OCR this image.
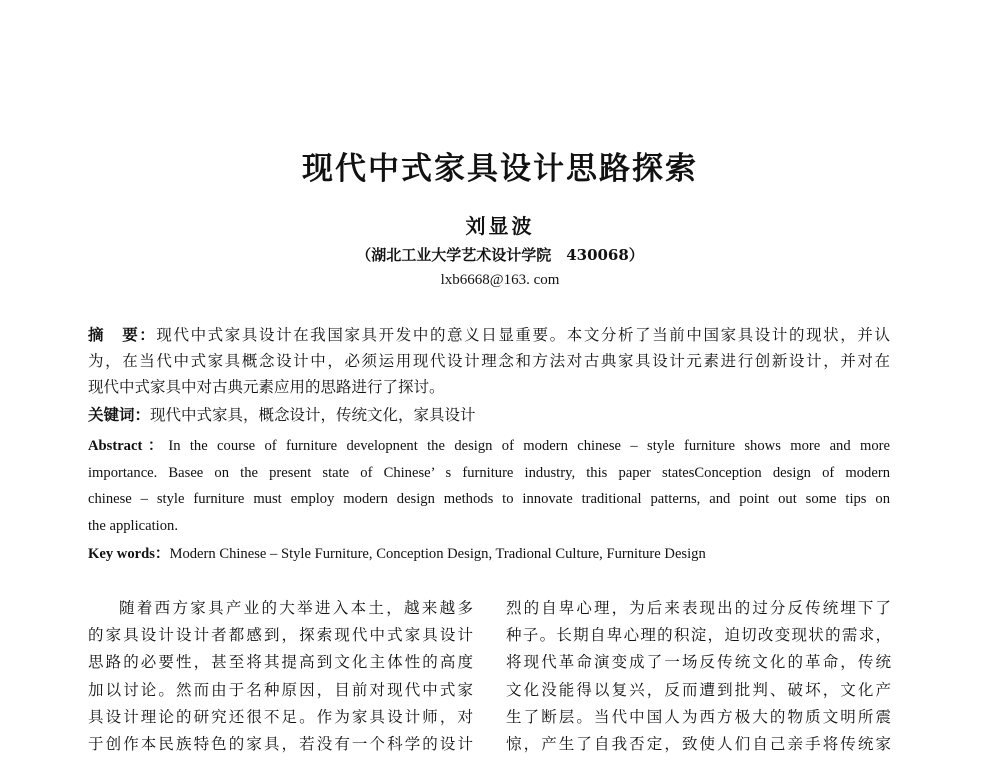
现代中式家具设计思路探索
刘显波
（湖北工业大学艺术设计学院　430068）
lxb6668@163. com
摘　要：现代中式家具设计在我国家具开发中的意义日显重要。本文分析了当前中国家具设计的现状，并认
为，在当代中式家具概念设计中，必须运用现代设计理念和方法对古典家具设计元素进行创新设计，并对在
现代中式家具中对古典元素应用的思路进行了探讨。
关键词：现代中式家具，概念设计，传统文化，家具设计
Abstract：In the course of furniture developnent the design of modern chinese – style furniture shows more and more
importance. Basee on the present state of Chinese’ s furniture industry, this paper statesConception design of modern
chinese – style furniture must employ modern design methods to innovate traditional patterns, and point out some tips on
the application.
Key words：Modern Chinese – Style Furniture, Conception Design, Tradional Culture, Furniture Design
随着西方家具产业的大举进入本土，越来越多
的家具设计设计者都感到，探索现代中式家具设计
思路的必要性，甚至将其提高到文化主体性的高度
加以讨论。然而由于名种原因，目前对现代中式家
具设计理论的研究还很不足。作为家具设计师，对
于创作本民族特色的家具，若没有一个科学的设计
烈的自卑心理，为后来表现出的过分反传统埋下了
种子。长期自卑心理的积淀，迫切改变现状的需求，
将现代革命演变成了一场反传统文化的革命，传统
文化没能得以复兴，反而遭到批判、破坏，文化产
生了断层。当代中国人为西方极大的物质文明所震
惊，产生了自我否定，致使人们自己亲手将传统家
